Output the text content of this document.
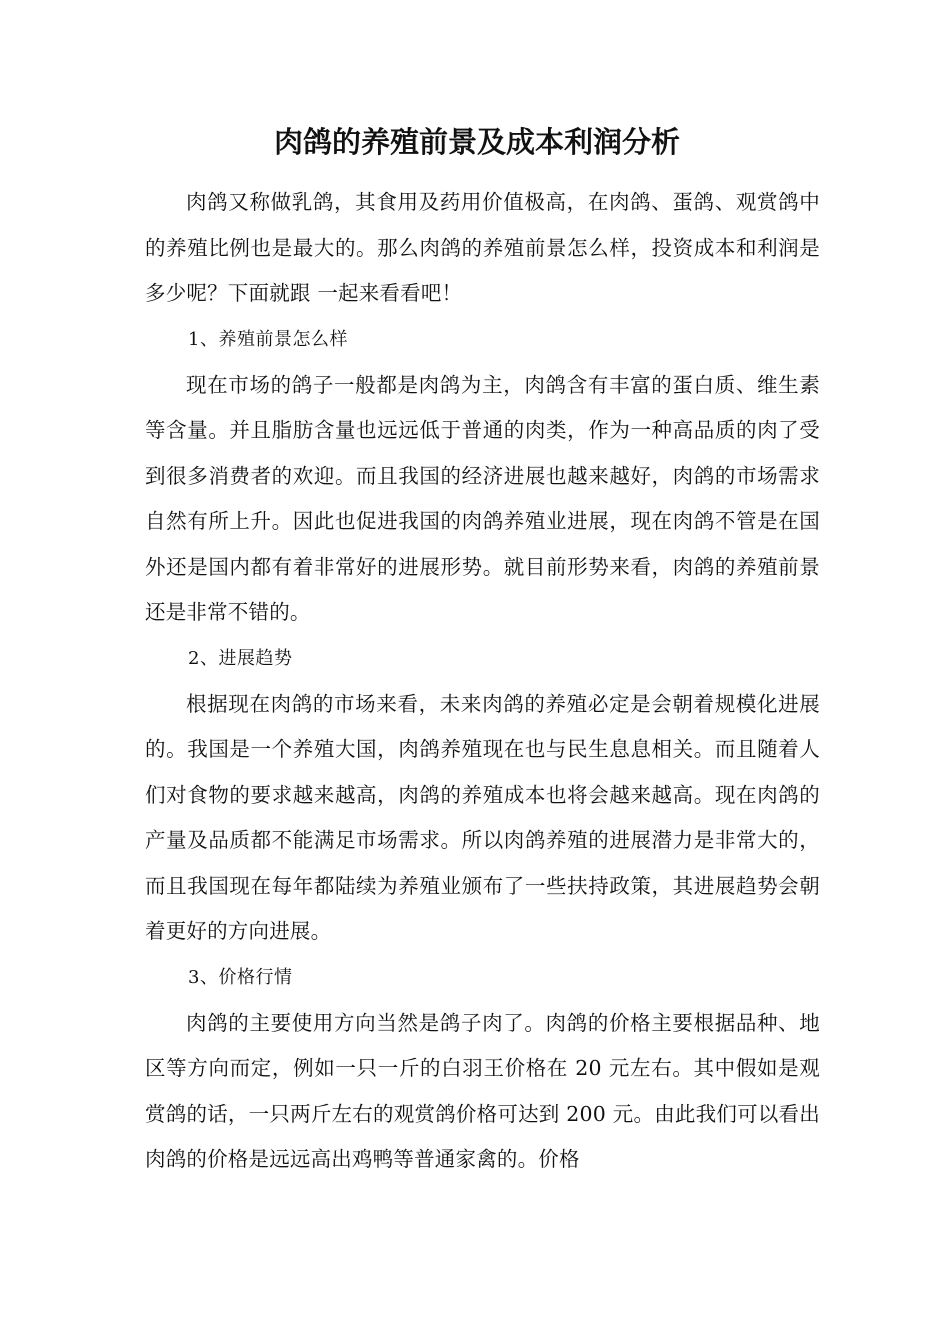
肉鸽的养殖前景及成本利润分析

肉鸽又称做乳鸽，其食用及药用价值极高，在肉鸽、蛋鸽、观赏鸽中的养殖比例也是最大的。那么肉鸽的养殖前景怎么样，投资成本和利润是多少呢？下面就跟 一起来看看吧！

1、养殖前景怎么样

现在市场的鸽子一般都是肉鸽为主，肉鸽含有丰富的蛋白质、维生素等含量。并且脂肪含量也远远低于普通的肉类，作为一种高品质的肉了受到很多消费者的欢迎。而且我国的经济进展也越来越好，肉鸽的市场需求自然有所上升。因此也促进我国的肉鸽养殖业进展，现在肉鸽不管是在国外还是国内都有着非常好的进展形势。就目前形势来看，肉鸽的养殖前景还是非常不错的。

2、进展趋势

根据现在肉鸽的市场来看，未来肉鸽的养殖必定是会朝着规模化进展的。我国是一个养殖大国，肉鸽养殖现在也与民生息息相关。而且随着人们对食物的要求越来越高，肉鸽的养殖成本也将会越来越高。现在肉鸽的产量及品质都不能满足市场需求。所以肉鸽养殖的进展潜力是非常大的，而且我国现在每年都陆续为养殖业颁布了一些扶持政策，其进展趋势会朝着更好的方向进展。

3、价格行情

肉鸽的主要使用方向当然是鸽子肉了。肉鸽的价格主要根据品种、地区等方向而定，例如一只一斤的白羽王价格在 20 元左右。其中假如是观赏鸽的话，一只两斤左右的观赏鸽价格可达到 200 元。由此我们可以看出肉鸽的价格是远远高出鸡鸭等普通家禽的。价格
